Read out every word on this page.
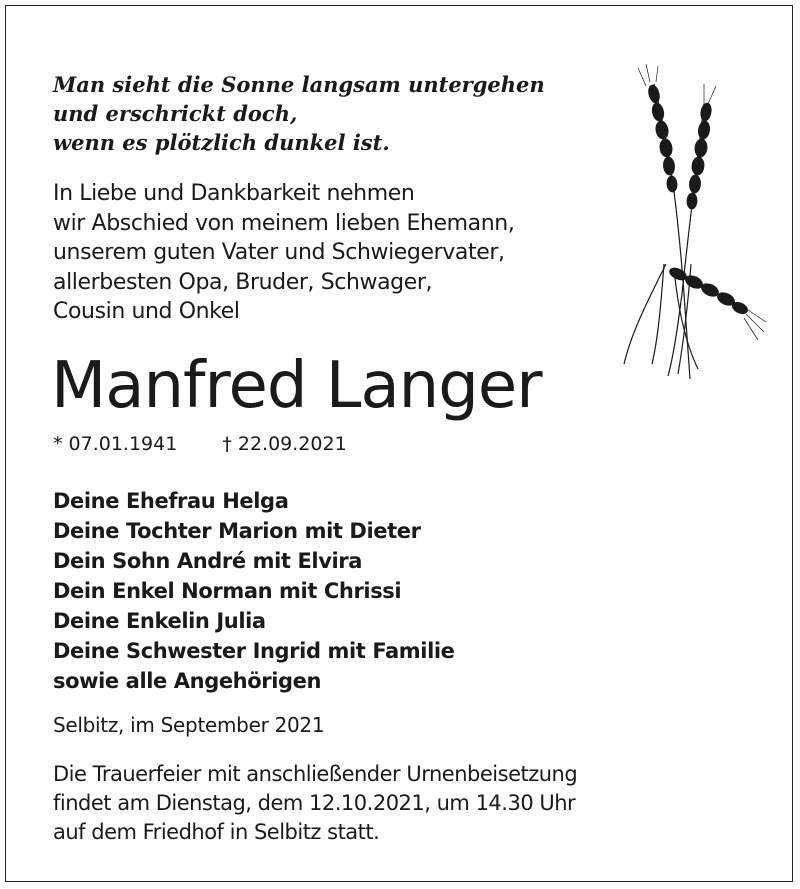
Man sieht die Sonne langsam untergehen
und erschrickt doch,
wenn es plötzlich dunkel ist.
In Liebe und Dankbarkeit nehmen
wir Abschied von meinem lieben Ehemann,
unserem guten Vater und Schwiegervater,
allerbesten Opa, Bruder, Schwager,
Cousin und Onkel
Manfred Langer
* 07.01.1941 † 22.09.2021
Deine Ehefrau Helga
Deine Tochter Marion mit Dieter
Dein Sohn André mit Elvira
Dein Enkel Norman mit Chrissi
Deine Enkelin Julia
Deine Schwester Ingrid mit Familie
sowie alle Angehörigen
Selbitz, im September 2021
Die Trauerfeier mit anschließender Urnenbeisetzung
findet am Dienstag, dem 12.10.2021, um 14.30 Uhr
auf dem Friedhof in Selbitz statt.
